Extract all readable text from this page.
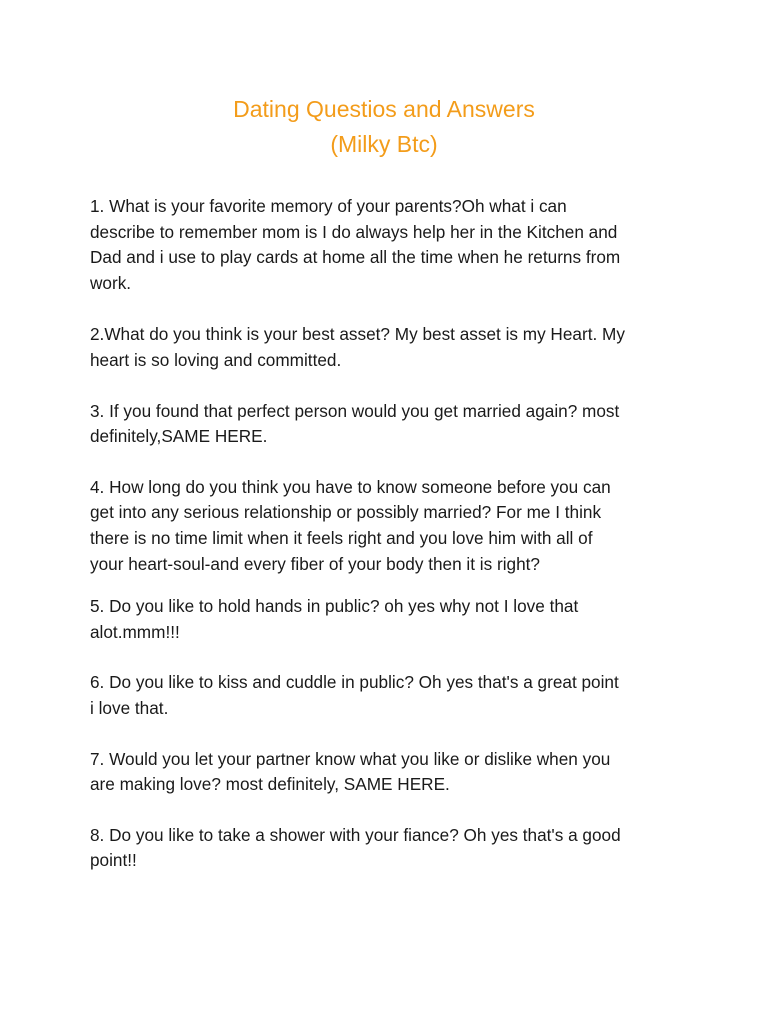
Dating Questios and Answers
(Milky Btc)

1. What is your favorite memory of your parents?Oh what i can
describe to remember mom is I do always help her in the Kitchen and
Dad and i use to play cards at home all the time when he returns from
work.

2.What do you think is your best asset? My best asset is my Heart. My
heart is so loving and committed.

3. If you found that perfect person would you get married again? most
definitely,SAME HERE.

4. How long do you think you have to know someone before you can
get into any serious relationship or possibly married? For me I think
there is no time limit when it feels right and you love him with all of
your heart-soul-and every fiber of your body then it is right?

5. Do you like to hold hands in public? oh yes why not I love that
alot.mmm!!!

6. Do you like to kiss and cuddle in public? Oh yes that's a great point
i love that.

7. Would you let your partner know what you like or dislike when you
are making love? most definitely, SAME HERE.

8. Do you like to take a shower with your fiance? Oh yes that's a good
point!!
